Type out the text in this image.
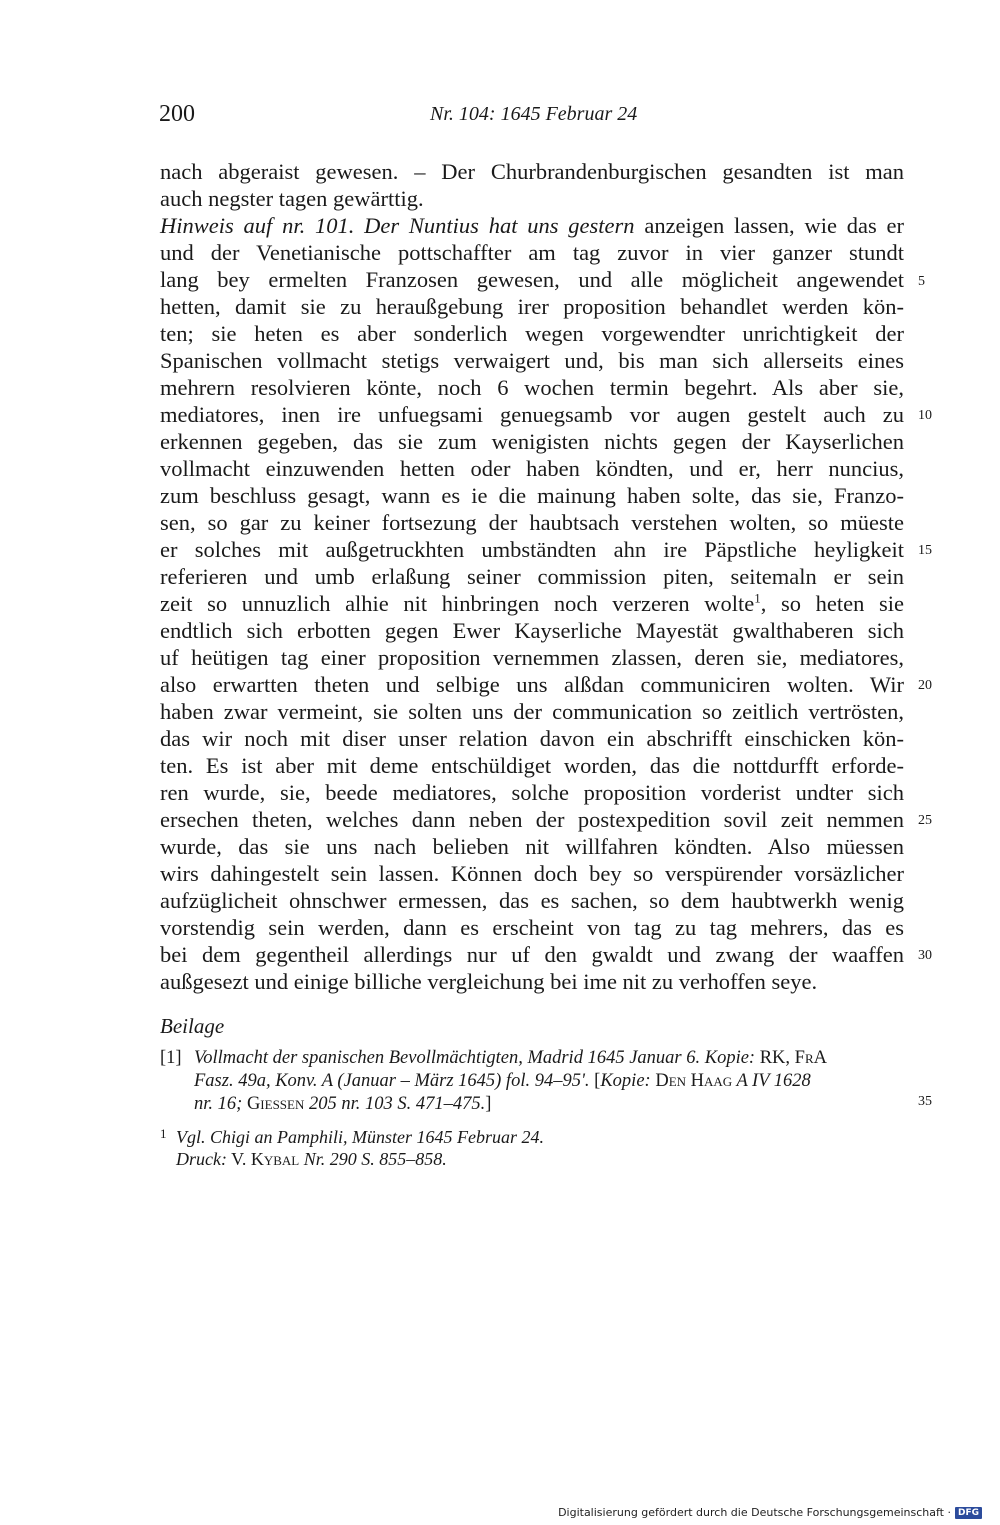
200	Nr. 104: 1645 Februar 24
nach abgeraist gewesen. – Der Churbrandenburgischen gesandten ist man
auch negster tagen gewärttig.
Hinweis auf nr. 101. Der Nuntius hat uns gestern anzeigen lassen, wie das er
und der Venetianische pottschaffter am tag zuvor in vier ganzer stundt
lang bey ermelten Franzosen gewesen, und alle möglicheit angewendet
hetten, damit sie zu heraußgebung irer proposition behandlet werden kön-
ten; sie heten es aber sonderlich wegen vorgewendter unrichtigkeit der
Spanischen vollmacht stetigs verwaigert und, bis man sich allerseits eines
mehrern resolvieren könte, noch 6 wochen termin begehrt. Als aber sie,
mediatores, inen ire unfuegsami genuegsamb vor augen gestelt auch zu
erkennen gegeben, das sie zum wenigisten nichts gegen der Kayserlichen
vollmacht einzuwenden hetten oder haben köndten, und er, herr nuncius,
zum beschluss gesagt, wann es ie die mainung haben solte, das sie, Franzo-
sen, so gar zu keiner fortsezung der haubtsach verstehen wolten, so müeste
er solches mit außgetruckhten umbständten ahn ire Päpstliche heyligkeit
referieren und umb erlaßung seiner commission piten, seitemaln er sein
zeit so unnuzlich alhie nit hinbringen noch verzeren wolte$^1$, so heten sie
endtlich sich erbotten gegen Ewer Kayserliche Mayestät gwalthaberen sich
uf heütigen tag einer proposition vernemmen zlassen, deren sie, mediatores,
also erwartten theten und selbige uns alßdan communiciren wolten. Wir
haben zwar vermeint, sie solten uns der communication so zeitlich vertrösten,
das wir noch mit diser unser relation davon ein abschrifft einschicken kön-
ten. Es ist aber mit deme entschüldiget worden, das die nottdurfft erforde-
ren wurde, sie, beede mediatores, solche proposition vorderist undter sich
ersechen theten, welches dann neben der postexpedition sovil zeit nemmen
wurde, das sie uns nach belieben nit willfahren köndten. Also müessen
wirs dahingestelt sein lassen. Können doch bey so verspürender vorsäzlicher
aufzüglicheit ohnschwer ermessen, das es sachen, so dem haubtwerkh wenig
vorstendig sein werden, dann es erscheint von tag zu tag mehrers, das es
bei dem gegentheil allerdings nur uf den gwaldt und zwang der waaffen
außgesezt und einige billiche vergleichung bei ime nit zu verhoffen seye.
5
10
15
20
25
30
35
Beilage
[1] Vollmacht der spanischen Bevollmächtigten, Madrid 1645 Januar 6. Kopie: RK, FrA
Fasz. 49a, Konv. A (Januar – März 1645) fol. 94–95'. [Kopie: Den Haag A IV 1628
nr. 16; Giessen 205 nr. 103 S. 471–475.]
1 Vgl. Chigi an Pamphili, Münster 1645 Februar 24.
Druck: V. Kybal Nr. 290 S. 855–858.
Digitalisierung gefördert durch die Deutsche Forschungsgemeinschaft · DFG
